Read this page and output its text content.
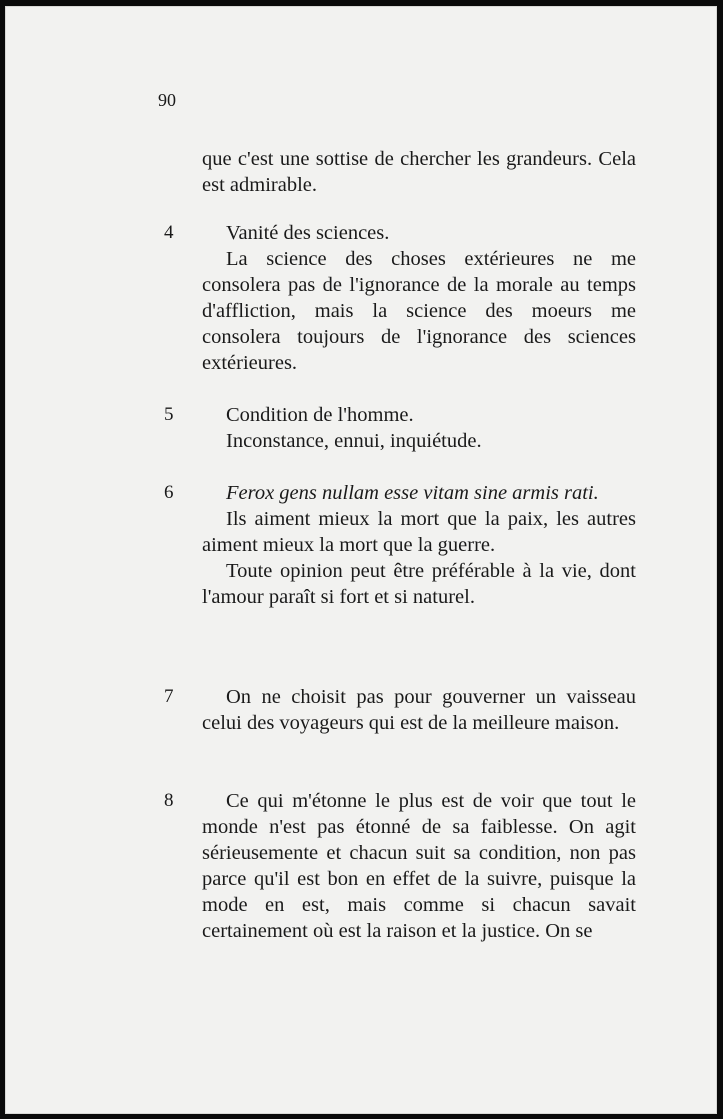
90

que c'est une sottise de chercher les grandeurs. Cela est admirable.

4	Vanité des sciences.

La science des choses extérieures ne me consolera pas de l'ignorance de la morale au temps d'affliction, mais la science des moeurs me consolera toujours de l'ignorance des sciences extérieures.

5	Condition de l'homme.

Inconstance, ennui, inquiétude.

6	Ferox gens nullam esse vitam sine armis rati.

Ils aiment mieux la mort que la paix, les autres aiment mieux la mort que la guerre.

Toute opinion peut être préférable à la vie, dont l'amour paraît si fort et si naturel.

7	On ne choisit pas pour gouverner un vaisseau celui des voyageurs qui est de la meilleure maison.

8	Ce qui m'étonne le plus est de voir que tout le monde n'est pas étonné de sa faiblesse. On agit sérieusemente et chacun suit sa condition, non pas parce qu'il est bon en effet de la suivre, puisque la mode en est, mais comme si chacun savait certainement où est la raison et la justice. On se
